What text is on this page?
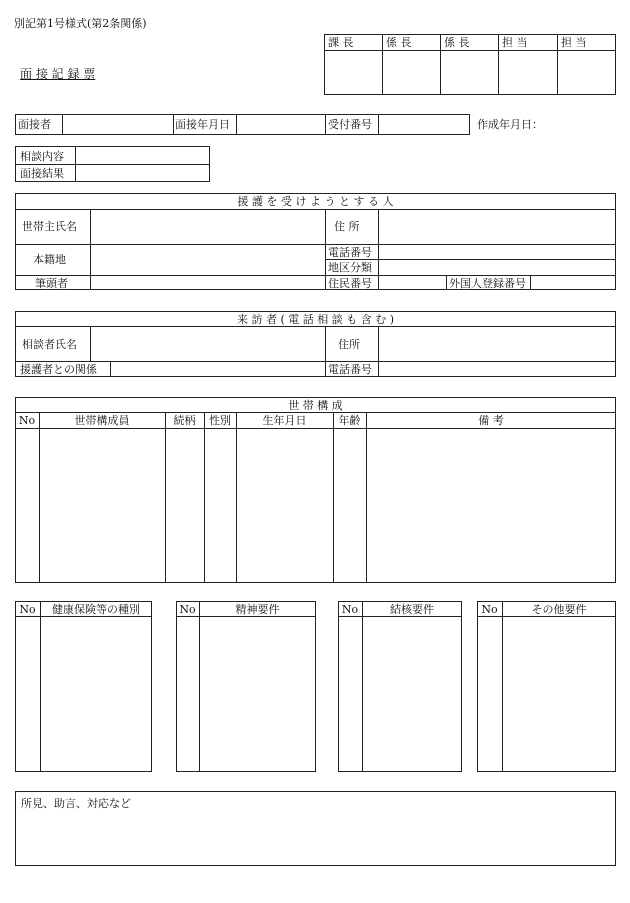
別記第1号様式(第2条関係)
面 接 記 録 票
課 長	係 長	係 長	担 当	担 当
面接者	面接年月日	受付番号	作成年月日：
相談内容
面接結果
援 護 を 受 け よ う と す る 人
世帯主氏名	住 所
本籍地
電話番号
地区分類
筆頭者	住民番号	外国人登録番号
来 訪 者 ( 電 話 相 談 も 含 む )
相談者氏名	住所
援護者との関係	電話番号
世 帯 構 成
No	世帯構成員	続柄	性別	生年月日	年齢	備 考
No	健康保険等の種別	No	精神要件	No	結核要件	No	その他要件
所見、助言、対応など
